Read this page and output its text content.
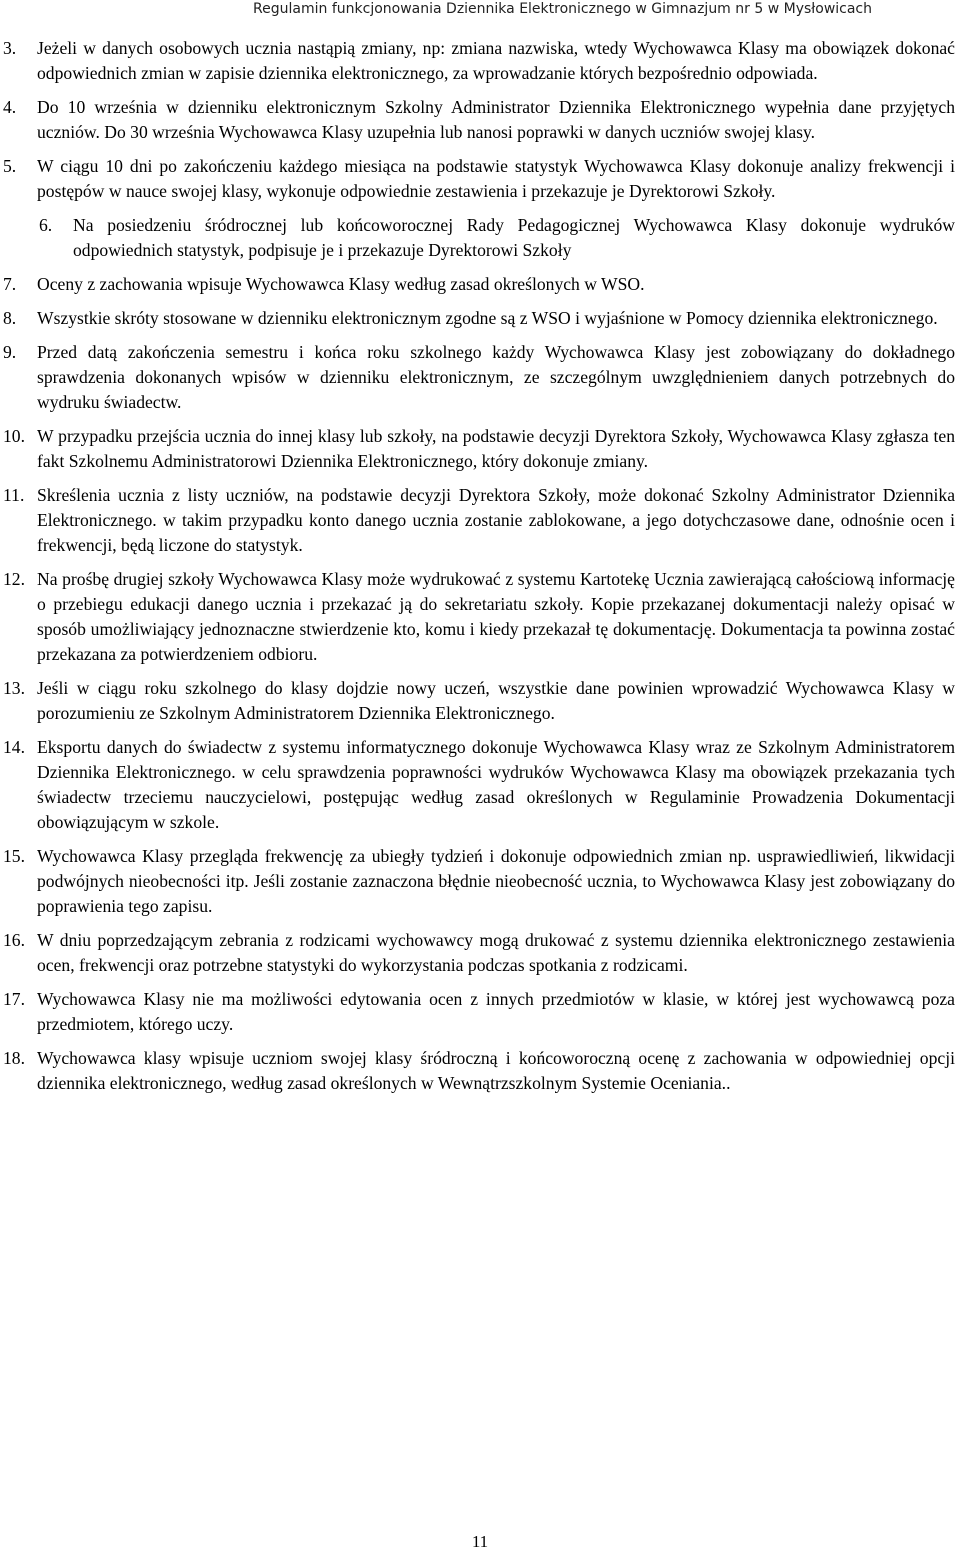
Regulamin funkcjonowania Dziennika Elektronicznego w Gimnazjum nr 5 w Mysłowicach
3. Jeżeli w danych osobowych ucznia nastąpią zmiany, np: zmiana nazwiska, wtedy Wychowawca Klasy ma obowiązek dokonać odpowiednich zmian w zapisie dziennika elektronicznego, za wprowadzanie których bezpośrednio odpowiada.
4. Do 10 września w dzienniku elektronicznym Szkolny Administrator Dziennika Elektronicznego wypełnia dane przyjętych uczniów. Do 30 września Wychowawca Klasy uzupełnia lub nanosi poprawki w danych uczniów swojej klasy.
5. W ciągu 10 dni po zakończeniu każdego miesiąca na podstawie statystyk Wychowawca Klasy dokonuje analizy frekwencji i postępów w nauce swojej klasy, wykonuje odpowiednie zestawienia i przekazuje je Dyrektorowi Szkoły.
6. Na posiedzeniu śródrocznej lub końcoworocznej Rady Pedagogicznej Wychowawca Klasy dokonuje wydruków odpowiednich statystyk, podpisuje je i przekazuje Dyrektorowi Szkoły
7. Oceny z zachowania wpisuje Wychowawca Klasy według zasad określonych w WSO.
8. Wszystkie skróty stosowane w dzienniku elektronicznym zgodne są z WSO i wyjaśnione w Pomocy dziennika elektronicznego.
9. Przed datą zakończenia semestru i końca roku szkolnego każdy Wychowawca Klasy jest zobowiązany do dokładnego sprawdzenia dokonanych wpisów w dzienniku elektronicznym, ze szczególnym uwzględnieniem danych potrzebnych do wydruku świadectw.
10. W przypadku przejścia ucznia do innej klasy lub szkoły, na podstawie decyzji Dyrektora Szkoły, Wychowawca Klasy zgłasza ten fakt Szkolnemu Administratorowi Dziennika Elektronicznego, który dokonuje zmiany.
11. Skreślenia ucznia z listy uczniów, na podstawie decyzji Dyrektora Szkoły, może dokonać Szkolny Administrator Dziennika Elektronicznego. w takim przypadku konto danego ucznia zostanie zablokowane, a jego dotychczasowe dane, odnośnie ocen i frekwencji, będą liczone do statystyk.
12. Na prośbę drugiej szkoły Wychowawca Klasy może wydrukować z systemu Kartotekę Ucznia zawierającą całościową informację o przebiegu edukacji danego ucznia i przekazać ją do sekretariatu szkoły. Kopie przekazanej dokumentacji należy opisać w sposób umożliwiający jednoznaczne stwierdzenie kto, komu i kiedy przekazał tę dokumentację. Dokumentacja ta powinna zostać przekazana za potwierdzeniem odbioru.
13. Jeśli w ciągu roku szkolnego do klasy dojdzie nowy uczeń, wszystkie dane powinien wprowadzić Wychowawca Klasy w porozumieniu ze Szkolnym Administratorem Dziennika Elektronicznego.
14. Eksportu danych do świadectw z systemu informatycznego dokonuje Wychowawca Klasy wraz ze Szkolnym Administratorem Dziennika Elektronicznego. w celu sprawdzenia poprawności wydruków Wychowawca Klasy ma obowiązek przekazania tych świadectw trzeciemu nauczycielowi, postępując według zasad określonych w Regulaminie Prowadzenia Dokumentacji obowiązującym w szkole.
15. Wychowawca Klasy przegląda frekwencję za ubiegły tydzień i dokonuje odpowiednich zmian np. usprawiedliwień, likwidacji podwójnych nieobecności itp. Jeśli zostanie zaznaczona błędnie nieobecność ucznia, to Wychowawca Klasy jest zobowiązany do poprawienia tego zapisu.
16. W dniu poprzedzającym zebrania z rodzicami wychowawcy mogą drukować z systemu dziennika elektronicznego zestawienia ocen, frekwencji oraz potrzebne statystyki do wykorzystania podczas spotkania z rodzicami.
17. Wychowawca Klasy nie ma możliwości edytowania ocen z innych przedmiotów w klasie, w której jest wychowawcą poza przedmiotem, którego uczy.
18. Wychowawca klasy wpisuje uczniom swojej klasy śródroczną i końcoworoczną ocenę z zachowania w odpowiedniej opcji dziennika elektronicznego, według zasad określonych w Wewnątrzszkolnym Systemie Oceniania..
11
